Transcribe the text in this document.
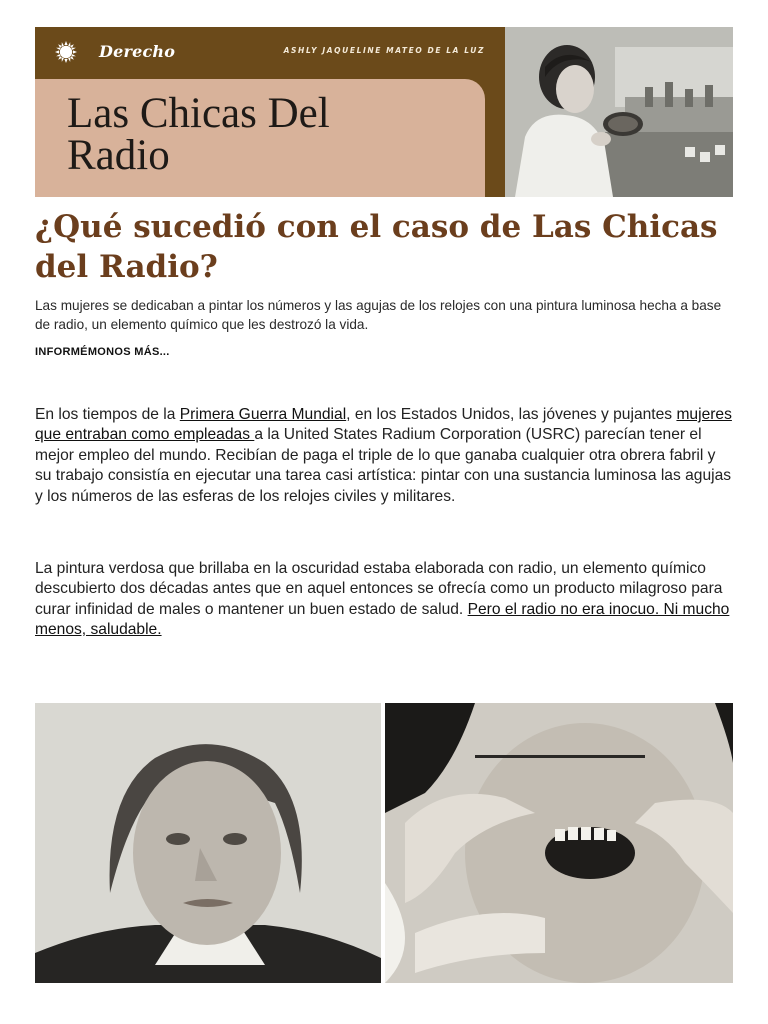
Derecho	ASHLY JAQUELINE MATEO DE LA LUZ
Las Chicas Del
Radio
¿Qué sucedió con el caso de Las Chicas del Radio?

Las mujeres se dedicaban a pintar los números y las agujas de los relojes con una pintura luminosa hecha a base de radio, un elemento químico que les destrozó la vida.

INFORMÉMONOS MÁS...

En los tiempos de la Primera Guerra Mundial, en los Estados Unidos, las jóvenes y pujantes mujeres que entraban como empleadas a la United States Radium Corporation (USRC) parecían tener el mejor empleo del mundo. Recibían de paga el triple de lo que ganaba cualquier otra obrera fabril y su trabajo consistía en ejecutar una tarea casi artística: pintar con una sustancia luminosa las agujas y los números de las esferas de los relojes civiles y militares.

La pintura verdosa que brillaba en la oscuridad estaba elaborada con radio, un elemento químico descubierto dos décadas antes que en aquel entonces se ofrecía como un producto milagroso para curar infinidad de males o mantener un buen estado de salud. Pero el radio no era inocuo. Ni mucho menos, saludable.
